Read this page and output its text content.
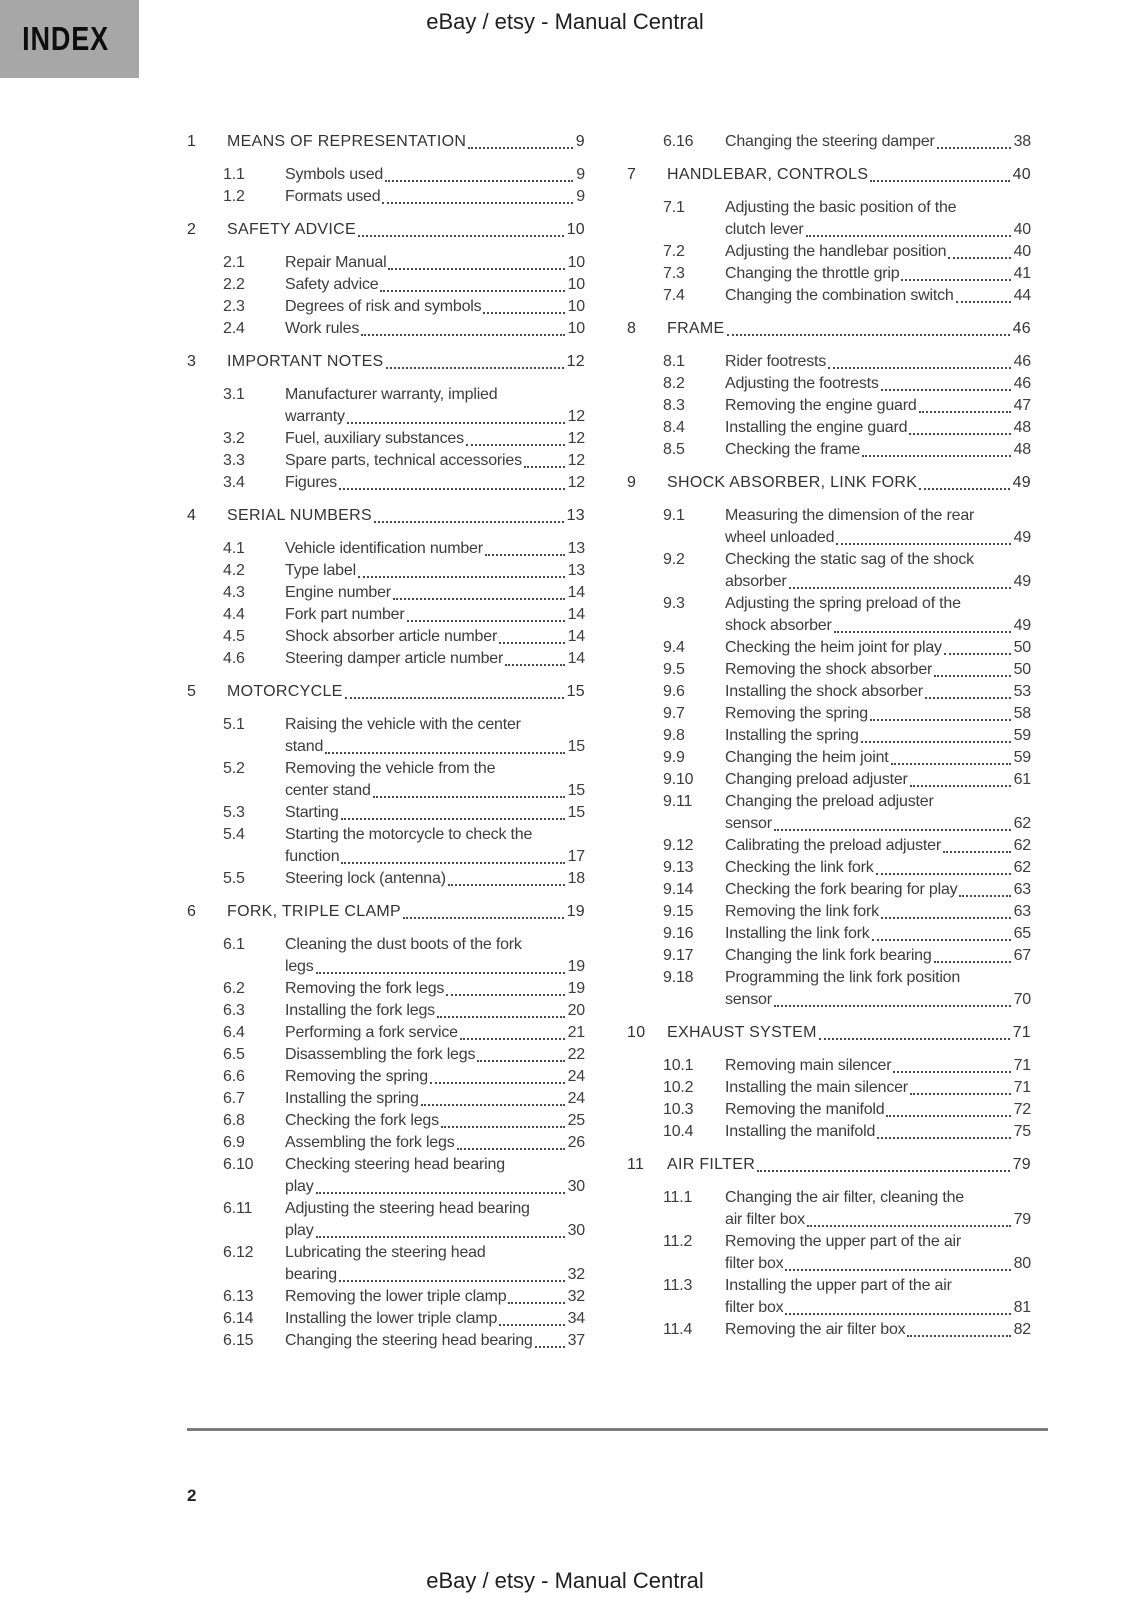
INDEX	eBay / etsy - Manual Central
1	MEANS OF REPRESENTATION	9
1.1	Symbols used	9
1.2	Formats used	9
2	SAFETY ADVICE	10
2.1	Repair Manual	10
2.2	Safety advice	10
2.3	Degrees of risk and symbols	10
2.4	Work rules	10
3	IMPORTANT NOTES	12
3.1	Manufacturer warranty, implied
warranty	12
3.2	Fuel, auxiliary substances	12
3.3	Spare parts, technical accessories	12
3.4	Figures	12
4	SERIAL NUMBERS	13
4.1	Vehicle identification number	13
4.2	Type label	13
4.3	Engine number	14
4.4	Fork part number	14
4.5	Shock absorber article number	14
4.6	Steering damper article number	14
5	MOTORCYCLE	15
5.1	Raising the vehicle with the center
stand	15
5.2	Removing the vehicle from the
center stand	15
5.3	Starting	15
5.4	Starting the motorcycle to check the
function	17
5.5	Steering lock (antenna)	18
6	FORK, TRIPLE CLAMP	19
6.1	Cleaning the dust boots of the fork
legs	19
6.2	Removing the fork legs	19
6.3	Installing the fork legs	20
6.4	Performing a fork service	21
6.5	Disassembling the fork legs	22
6.6	Removing the spring	24
6.7	Installing the spring	24
6.8	Checking the fork legs	25
6.9	Assembling the fork legs	26
6.10	Checking steering head bearing
play	30
6.11	Adjusting the steering head bearing
play	30
6.12	Lubricating the steering head
bearing	32
6.13	Removing the lower triple clamp	32
6.14	Installing the lower triple clamp	34
6.15	Changing the steering head bearing 37
6.16	Changing the steering damper	38
7	HANDLEBAR, CONTROLS	40
7.1	Adjusting the basic position of the
clutch lever	40
7.2	Adjusting the handlebar position	40
7.3	Changing the throttle grip	41
7.4	Changing the combination switch	44
8	FRAME	46
8.1	Rider footrests	46
8.2	Adjusting the footrests	46
8.3	Removing the engine guard	47
8.4	Installing the engine guard	48
8.5	Checking the frame	48
9	SHOCK ABSORBER, LINK FORK	49
9.1	Measuring the dimension of the rear
wheel unloaded	49
9.2	Checking the static sag of the shock
absorber	49
9.3	Adjusting the spring preload of the
shock absorber	49
9.4	Checking the heim joint for play	50
9.5	Removing the shock absorber	50
9.6	Installing the shock absorber	53
9.7	Removing the spring	58
9.8	Installing the spring	59
9.9	Changing the heim joint	59
9.10	Changing preload adjuster	61
9.11	Changing the preload adjuster
sensor	62
9.12	Calibrating the preload adjuster	62
9.13	Checking the link fork	62
9.14	Checking the fork bearing for play	63
9.15	Removing the link fork	63
9.16	Installing the link fork	65
9.17	Changing the link fork bearing	67
9.18	Programming the link fork position
sensor	70
10	EXHAUST SYSTEM	71
10.1	Removing main silencer	71
10.2	Installing the main silencer	71
10.3	Removing the manifold	72
10.4	Installing the manifold	75
11	AIR FILTER	79
11.1	Changing the air filter, cleaning the
air filter box	79
11.2	Removing the upper part of the air
filter box	80
11.3	Installing the upper part of the air
filter box	81
11.4	Removing the air filter box	82
2
eBay / etsy - Manual Central
